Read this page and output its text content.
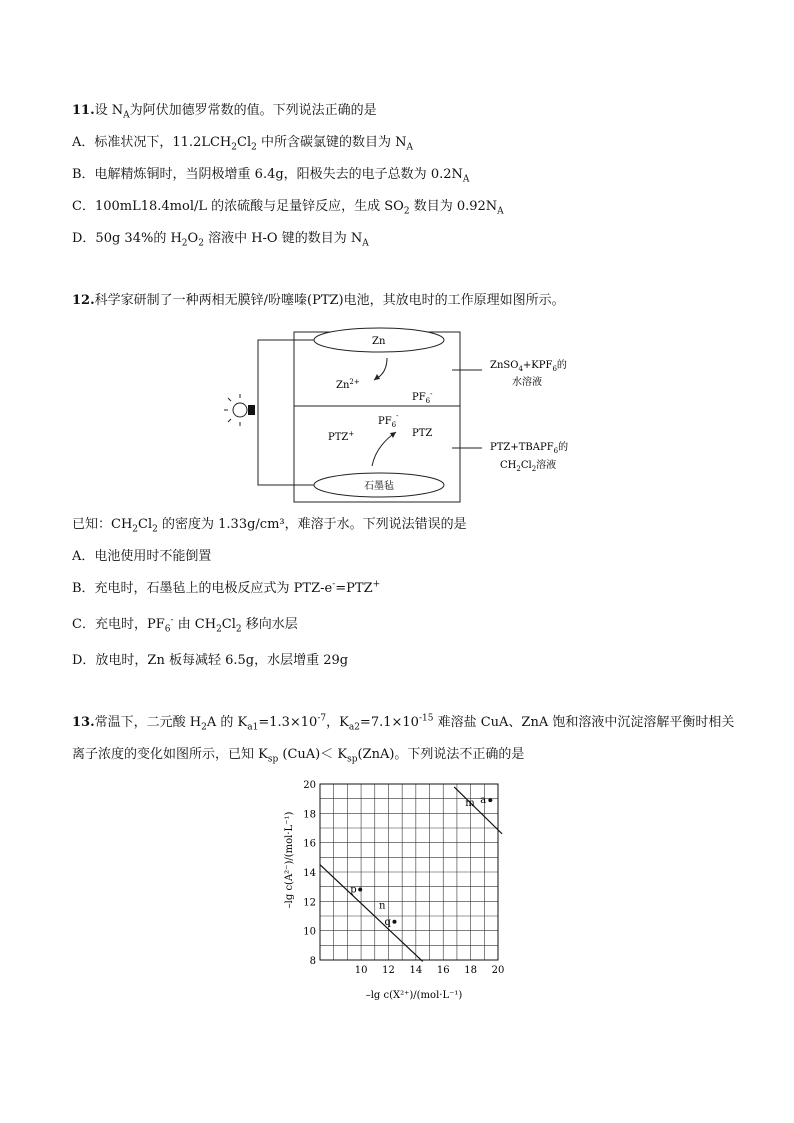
11.设 $N_A$为阿伏加德罗常数的值。下列说法正确的是
A．标准状况下，$11.2LCH_2Cl_2$ 中所含碳氯键的数目为 $N_A$
B．电解精炼铜时，当阴极增重 6.4g，阳极失去的电子总数为 $0.2N_A$
C．100mL18.4mol/L 的浓硫酸与足量锌反应，生成 $SO_2$ 数目为 $0.92N_A$
D．50g 34%的 $H_2O_2$ 溶液中 H-O 键的数目为 $N_A$
12.科学家研制了一种两相无膜锌/吩噻嗪(PTZ)电池，其放电时的工作原理如图所示。
Zn
石墨毡
$Zn^{2+}$
$PF_6^-$
$PF_6^-$
PTZ+	PTZ
$ZnSO_4+KPF_6$的
水溶液
$PTZ+TBAPF_6$的
$CH_2Cl_2$溶液
已知：$CH_2Cl_2$ 的密度为 1.33g/cm³，难溶于水。下列说法错误的是
A．电池使用时不能倒置
B．充电时，石墨毡上的电极反应式为 PTZ-e-=PTZ+
C．充电时，$PF_6^-$ 由 $CH_2Cl_2$ 移向水层
D．放电时，Zn 板每减轻 6.5g，水层增重 29g
13.常温下，二元酸 $H_2A$ 的 $K_{a1}=1.3\times 10^{-7}$，$K_{a2}=7.1\times 10^{-15}$ 难溶盐 CuA、ZnA 饱和溶液中沉淀溶解平衡时相关
离子浓度的变化如图所示，已知 $K_{sp}$ $(CuA)< K_{sp}(ZnA)$。下列说法不正确的是
m a
p
n
q
10 12 14 16 18 20
8
10
12
14
16
18
20
–lg c(X²⁺)/(mol·L⁻¹)
–lg c(A²⁻)/(mol·L⁻¹)
